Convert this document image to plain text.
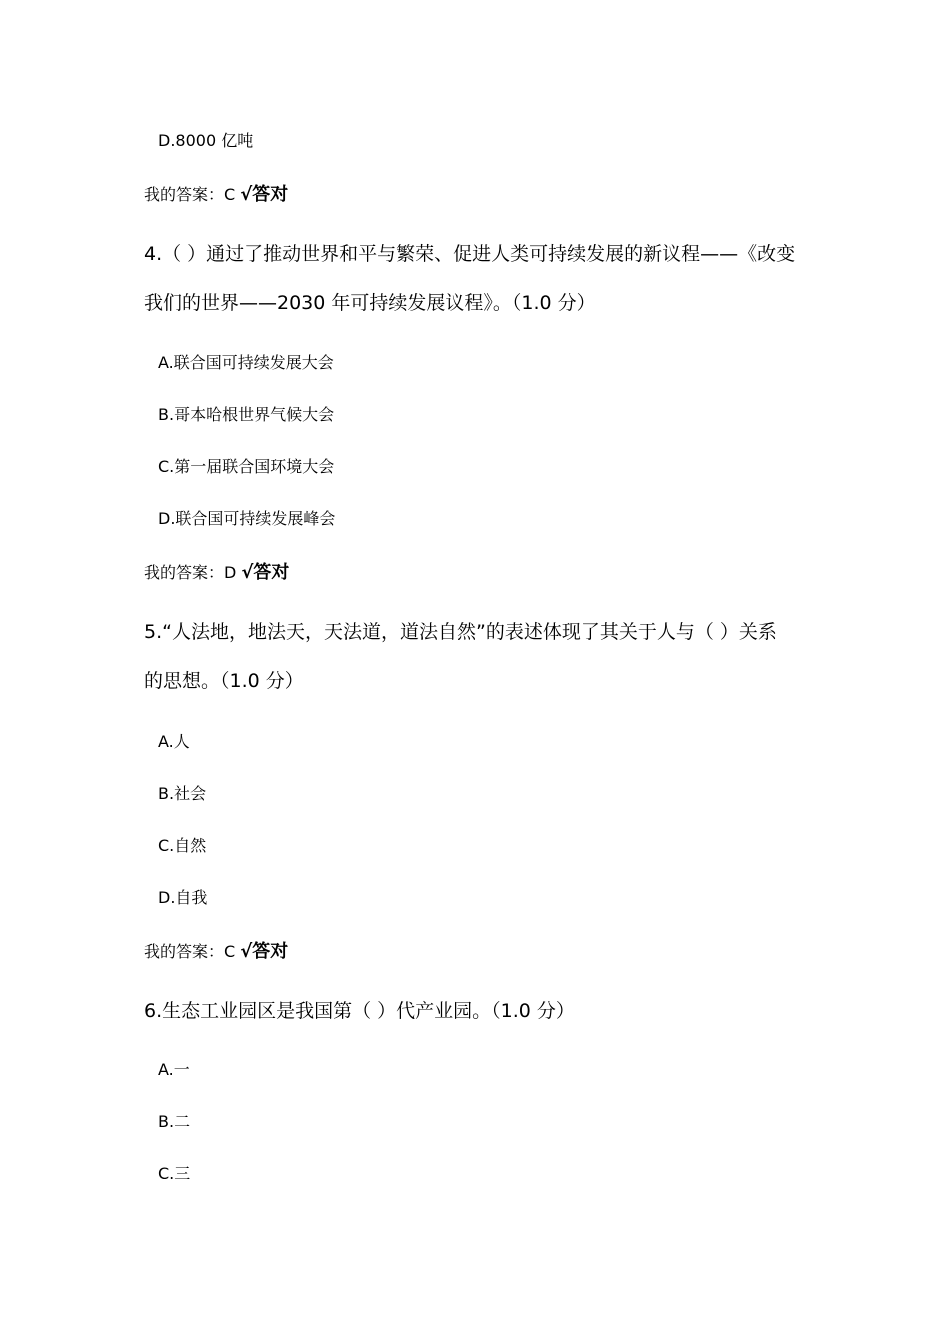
D.8000 亿吨
我的答案：C √答对
4.（ ）通过了推动世界和平与繁荣、促进人类可持续发展的新议程——《改变
我们的世界——2030 年可持续发展议程》。（1.0 分）
A.联合国可持续发展大会
B.哥本哈根世界气候大会
C.第一届联合国环境大会
D.联合国可持续发展峰会
我的答案：D √答对
5.“人法地，地法天，天法道，道法自然”的表述体现了其关于人与（ ）关系
的思想。（1.0 分）
A.人
B.社会
C.自然
D.自我
我的答案：C √答对
6.生态工业园区是我国第（ ）代产业园。（1.0 分）
A.一
B.二
C.三
